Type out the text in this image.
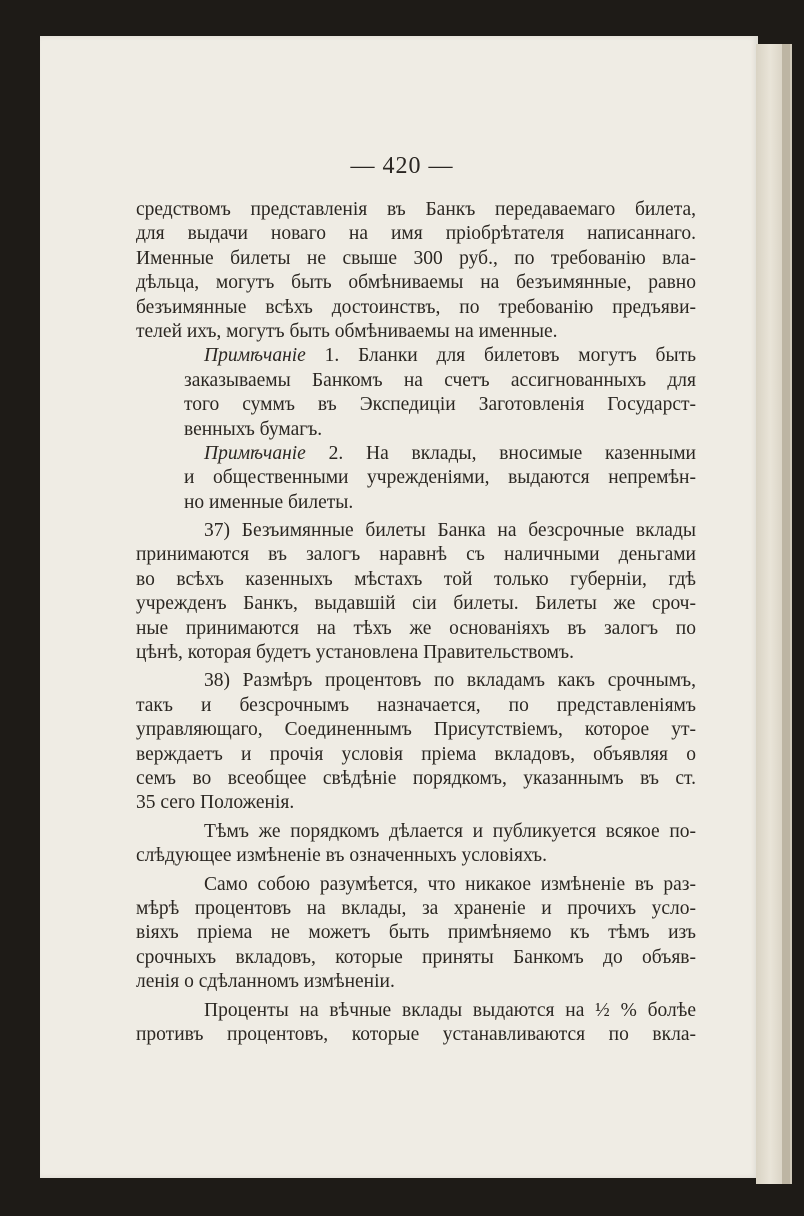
— 420 —
средствомъ представленія въ Банкъ передаваемаго билета,
для выдачи новаго на имя пріобрѣтателя написаннаго.
Именные билеты не свыше 300 руб., по требованію вла-
дѣльца, могутъ быть обмѣниваемы на безъимянные, равно
безъимянные всѣхъ достоинствъ, по требованію предъяви-
телей ихъ, могутъ быть обмѣниваемы на именные.
Примѣчаніе 1. Бланки для билетовъ могутъ быть
заказываемы Банкомъ на счетъ ассигнованныхъ для
того суммъ въ Экспедиціи Заготовленія Государст-
венныхъ бумагъ.
Примѣчаніе 2. На вклады, вносимые казенными
и общественными учрежденіями, выдаются непремѣн-
но именные билеты.
37) Безъимянные билеты Банка на безсрочные вклады
принимаются въ залогъ наравнѣ съ наличными деньгами
во всѣхъ казенныхъ мѣстахъ той только губерніи, гдѣ
учрежденъ Банкъ, выдавшій сіи билеты. Билеты же сроч-
ные принимаются на тѣхъ же основаніяхъ въ залогъ по
цѣнѣ, которая будетъ установлена Правительствомъ.
38) Размѣръ процентовъ по вкладамъ какъ срочнымъ,
такъ и безсрочнымъ назначается, по представленіямъ
управляющаго, Соединеннымъ Присутствіемъ, которое ут-
верждаетъ и прочія условія пріема вкладовъ, объявляя о
семъ во всеобщее свѣдѣніе порядкомъ, указаннымъ въ ст.
35 сего Положенія.
Тѣмъ же порядкомъ дѣлается и публикуется всякое по-
слѣдующее измѣненіе въ означенныхъ условіяхъ.
Само собою разумѣется, что никакое измѣненіе въ раз-
мѣрѣ процентовъ на вклады, за храненіе и прочихъ усло-
віяхъ пріема не можетъ быть примѣняемо къ тѣмъ изъ
срочныхъ вкладовъ, которые приняты Банкомъ до объяв-
ленія о сдѣланномъ измѣненіи.
Проценты на вѣчные вклады выдаются на ½ % болѣе
противъ процентовъ, которые устанавливаются по вкла-
